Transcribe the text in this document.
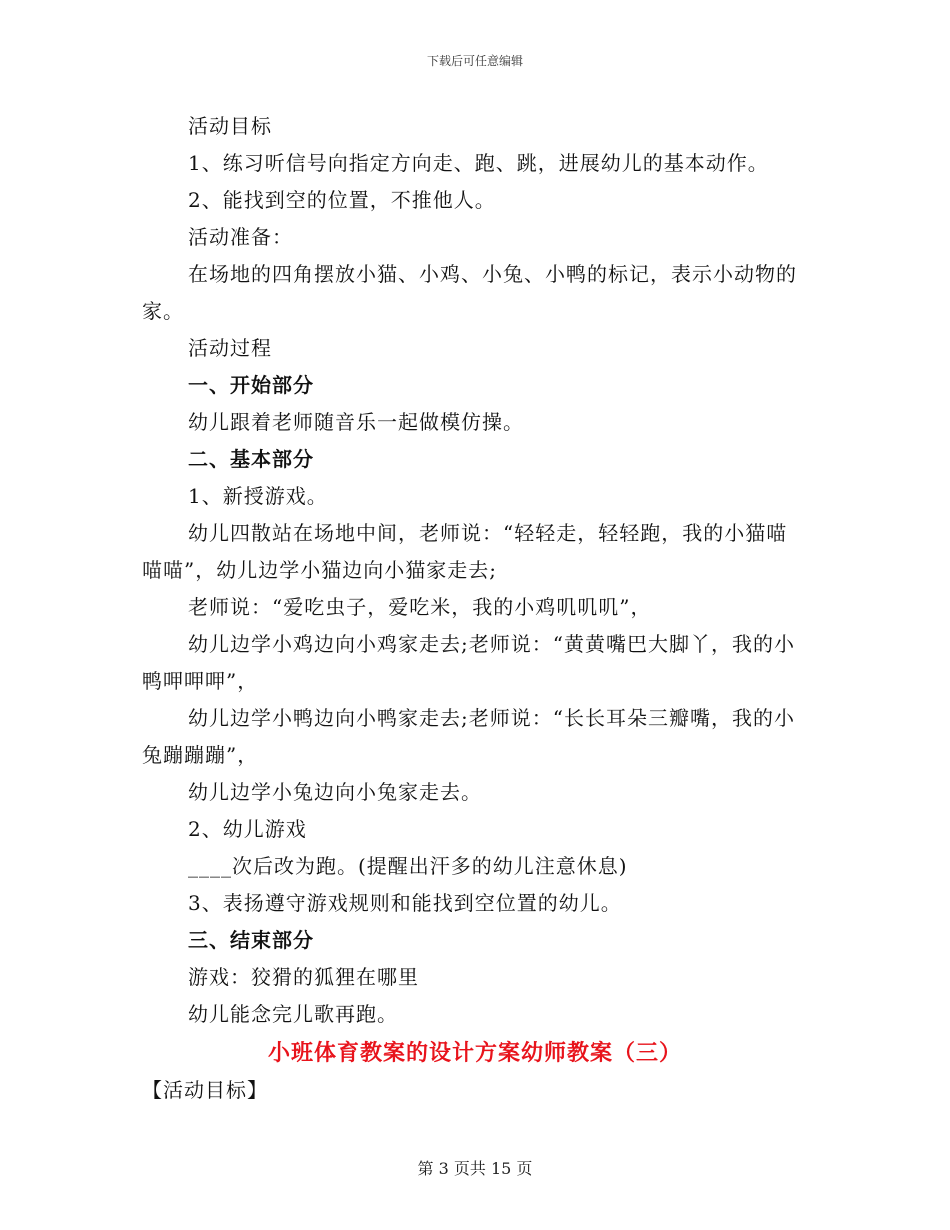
下载后可任意编辑

活动目标

1、练习听信号向指定方向走、跑、跳，进展幼儿的基本动作。

2、能找到空的位置，不推他人。

活动准备：

在场地的四角摆放小猫、小鸡、小兔、小鸭的标记，表示小动物的家。

活动过程

一、开始部分

幼儿跟着老师随音乐一起做模仿操。

二、基本部分

1、新授游戏。

幼儿四散站在场地中间，老师说：“轻轻走，轻轻跑，我的小猫喵喵喵”，幼儿边学小猫边向小猫家走去;

老师说：“爱吃虫子，爱吃米，我的小鸡叽叽叽”，

幼儿边学小鸡边向小鸡家走去;老师说：“黄黄嘴巴大脚丫，我的小鸭呷呷呷”，

幼儿边学小鸭边向小鸭家走去;老师说：“长长耳朵三瓣嘴，我的小兔蹦蹦蹦”，

幼儿边学小兔边向小兔家走去。

2、幼儿游戏

____次后改为跑。(提醒出汗多的幼儿注意休息)

3、表扬遵守游戏规则和能找到空位置的幼儿。

三、结束部分

游戏：狡猾的狐狸在哪里

幼儿能念完儿歌再跑。

小班体育教案的设计方案幼师教案（三）

【活动目标】

第 3 页共 15 页
